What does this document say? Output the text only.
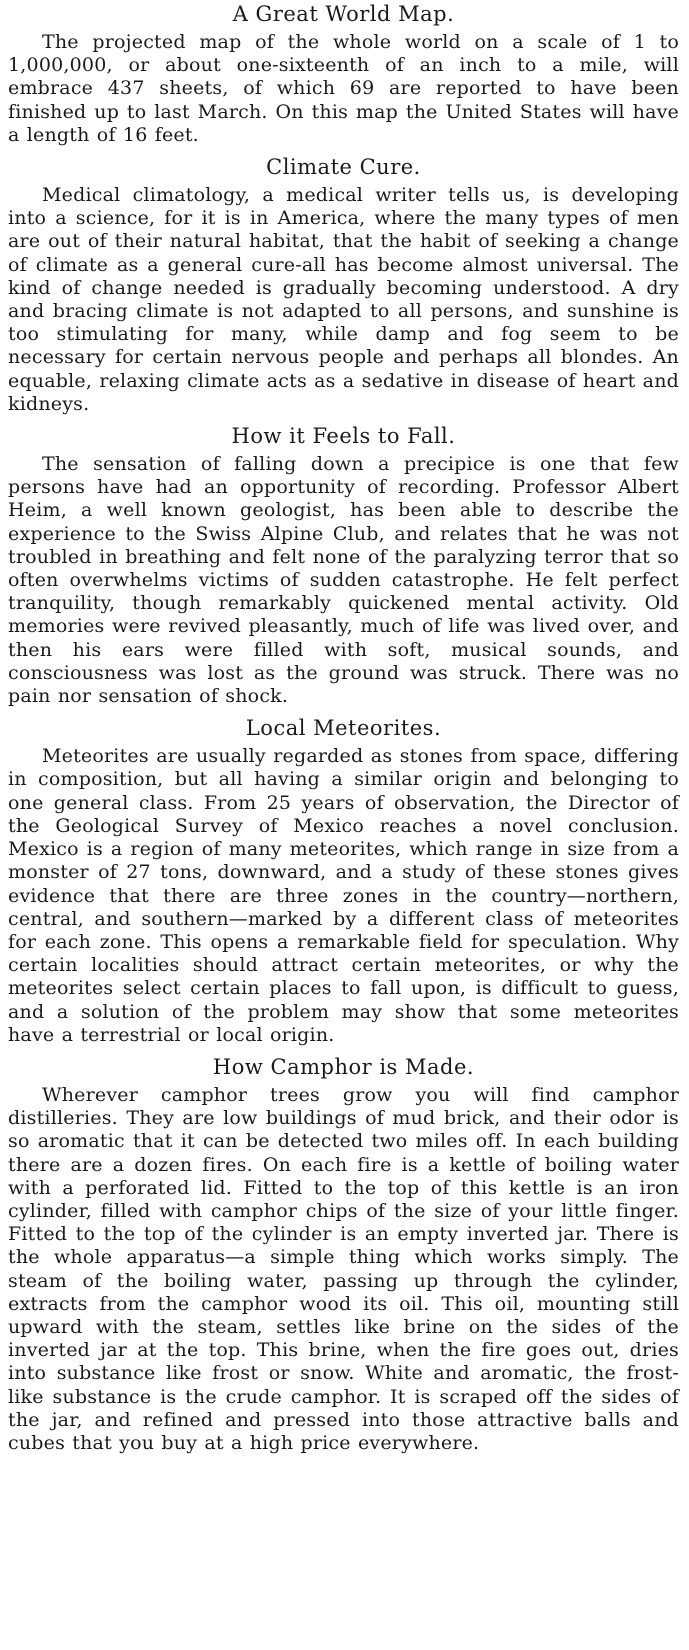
A Great World Map.

The projected map of the whole world on a scale of 1 to 1,000,000, or about one-sixteenth of an inch to a mile, will embrace 437 sheets, of which 69 are reported to have been finished up to last March. On this map the United States will have a length of 16 feet.

Climate Cure.

Medical climatology, a medical writer tells us, is developing into a science, for it is in America, where the many types of men are out of their natural habitat, that the habit of seeking a change of climate as a general cure-all has become almost universal. The kind of change needed is gradually becoming understood. A dry and bracing climate is not adapted to all persons, and sunshine is too stimulating for many, while damp and fog seem to be necessary for certain nervous people and perhaps all blondes. An equable, relaxing climate acts as a sedative in disease of heart and kidneys.

How it Feels to Fall.

The sensation of falling down a precipice is one that few persons have had an opportunity of recording. Professor Albert Heim, a well known geologist, has been able to describe the experience to the Swiss Alpine Club, and relates that he was not troubled in breathing and felt none of the paralyzing terror that so often overwhelms victims of sudden catastrophe. He felt perfect tranquility, though remarkably quickened mental activity. Old memories were revived pleasantly, much of life was lived over, and then his ears were filled with soft, musical sounds, and consciousness was lost as the ground was struck. There was no pain nor sensation of shock.

Local Meteorites.

Meteorites are usually regarded as stones from space, differing in composition, but all having a similar origin and belonging to one general class. From 25 years of observation, the Director of the Geological Survey of Mexico reaches a novel conclusion. Mexico is a region of many meteorites, which range in size from a monster of 27 tons, downward, and a study of these stones gives evidence that there are three zones in the country—northern, central, and southern—marked by a different class of meteorites for each zone. This opens a remarkable field for speculation. Why certain localities should attract certain meteorites, or why the meteorites select certain places to fall upon, is difficult to guess, and a solution of the problem may show that some meteorites have a terrestrial or local origin.

How Camphor is Made.

Wherever camphor trees grow you will find camphor distilleries. They are low buildings of mud brick, and their odor is so aromatic that it can be detected two miles off. In each building there are a dozen fires. On each fire is a kettle of boiling water with a perforated lid. Fitted to the top of this kettle is an iron cylinder, filled with camphor chips of the size of your little finger. Fitted to the top of the cylinder is an empty inverted jar. There is the whole apparatus—a simple thing which works simply. The steam of the boiling water, passing up through the cylinder, extracts from the camphor wood its oil. This oil, mounting still upward with the steam, settles like brine on the sides of the inverted jar at the top. This brine, when the fire goes out, dries into substance like frost or snow. White and aromatic, the frost-like substance is the crude camphor. It is scraped off the sides of the jar, and refined and pressed into those attractive balls and cubes that you buy at a high price everywhere.
